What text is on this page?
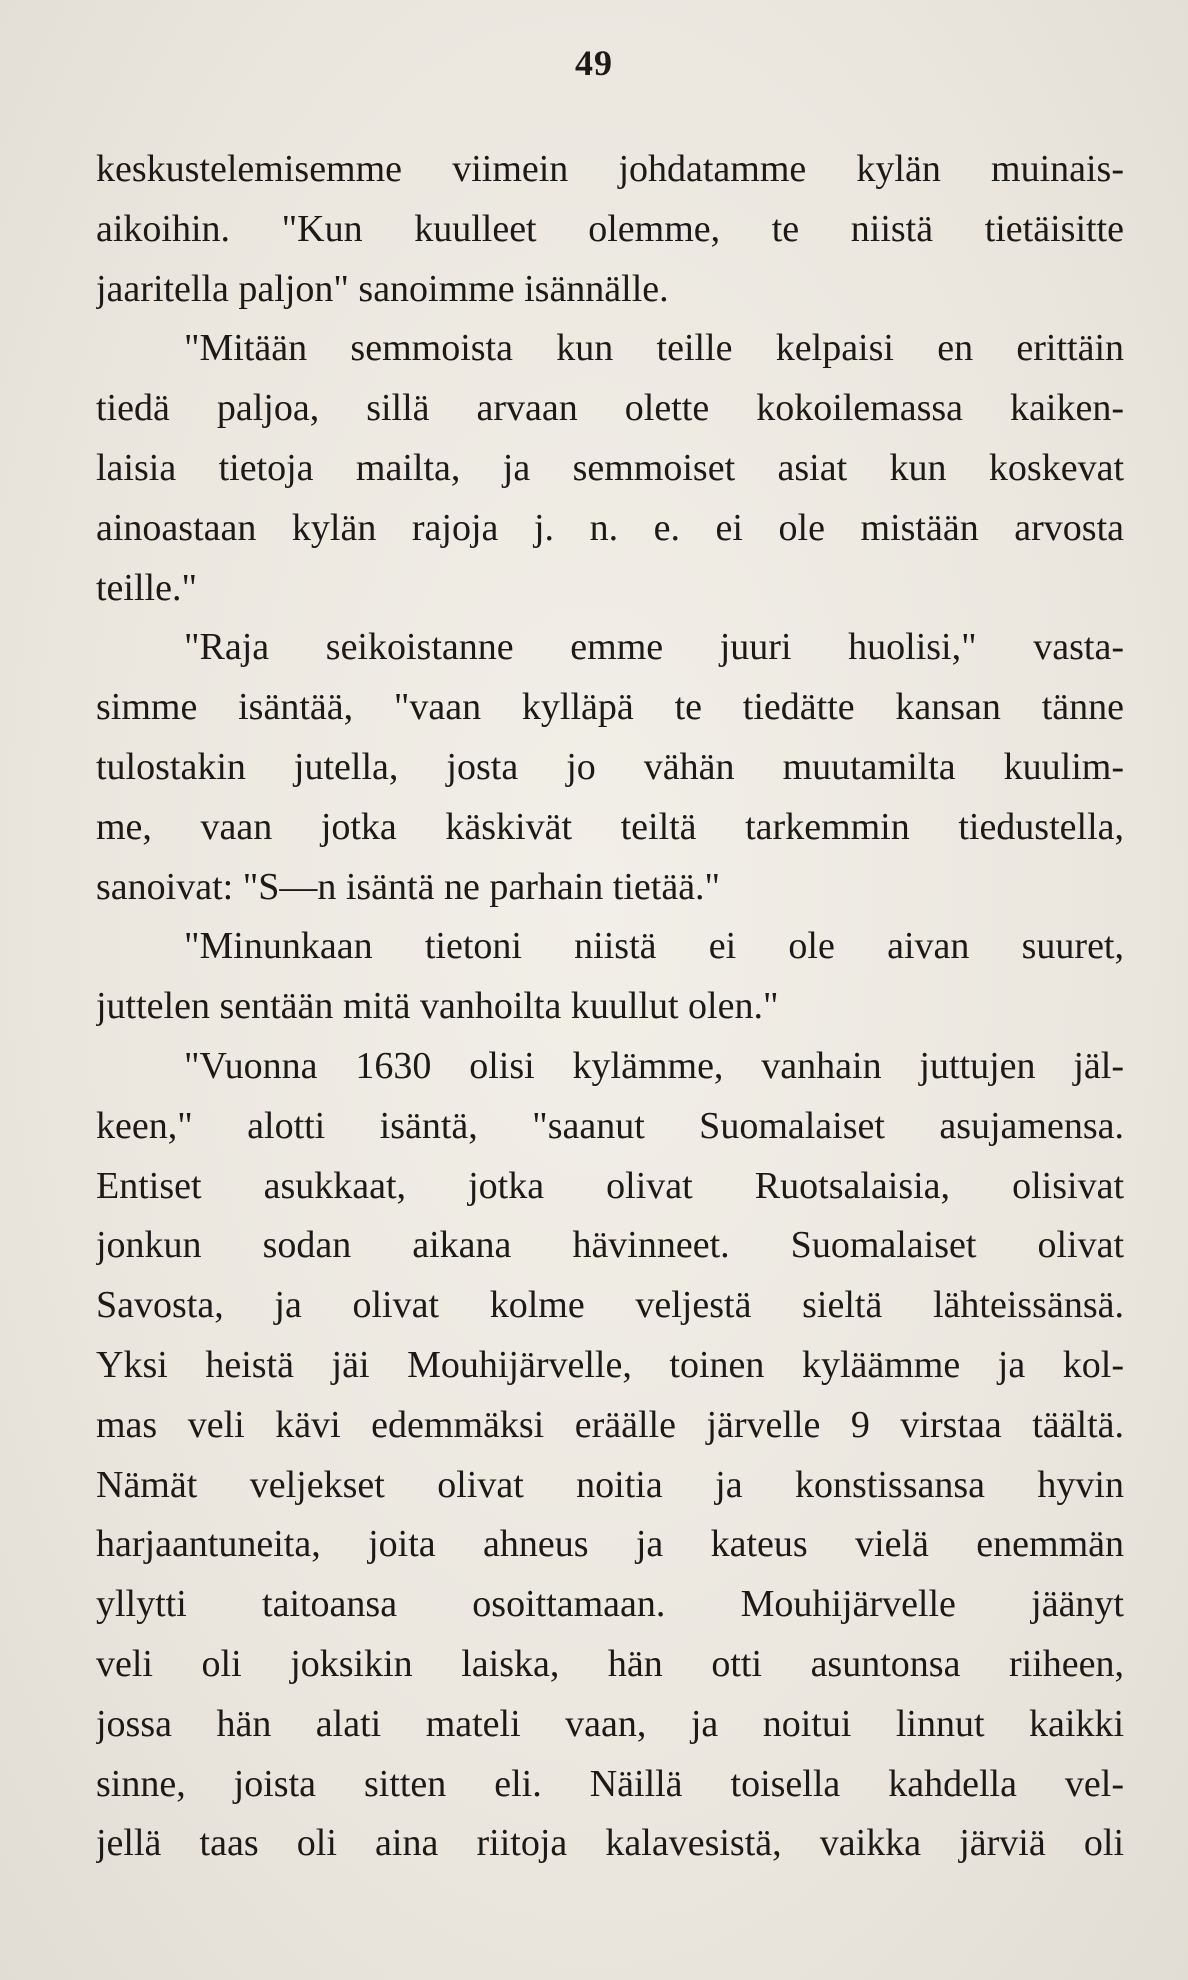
49
keskustelemisemme viimein johdatamme kylän muinais-
aikoihin. "Kun kuulleet olemme, te niistä tietäisitte
jaaritella paljon" sanoimme isännälle.
"Mitään semmoista kun teille kelpaisi en erittäin
tiedä paljoa, sillä arvaan olette kokoilemassa kaiken-
laisia tietoja mailta, ja semmoiset asiat kun koskevat
ainoastaan kylän rajoja j. n. e. ei ole mistään arvosta
teille."
"Raja seikoistanne emme juuri huolisi," vasta-
simme isäntää, "vaan kylläpä te tiedätte kansan tänne
tulostakin jutella, josta jo vähän muutamilta kuulim-
me, vaan jotka käskivät teiltä tarkemmin tiedustella,
sanoivat: "S—n isäntä ne parhain tietää."
"Minunkaan tietoni niistä ei ole aivan suuret,
juttelen sentään mitä vanhoilta kuullut olen."
"Vuonna 1630 olisi kylämme, vanhain juttujen jäl-
keen," alotti isäntä, "saanut Suomalaiset asujamensa.
Entiset asukkaat, jotka olivat Ruotsalaisia, olisivat
jonkun sodan aikana hävinneet. Suomalaiset olivat
Savosta, ja olivat kolme veljestä sieltä lähteissänsä.
Yksi heistä jäi Mouhijärvelle, toinen kyläämme ja kol-
mas veli kävi edemmäksi eräälle järvelle 9 virstaa täältä.
Nämät veljekset olivat noitia ja konstissansa hyvin
harjaantuneita, joita ahneus ja kateus vielä enemmän
yllytti taitoansa osoittamaan. Mouhijärvelle jäänyt
veli oli joksikin laiska, hän otti asuntonsa riiheen,
jossa hän alati mateli vaan, ja noitui linnut kaikki
sinne, joista sitten eli. Näillä toisella kahdella vel-
jellä taas oli aina riitoja kalavesistä, vaikka järviä oli
